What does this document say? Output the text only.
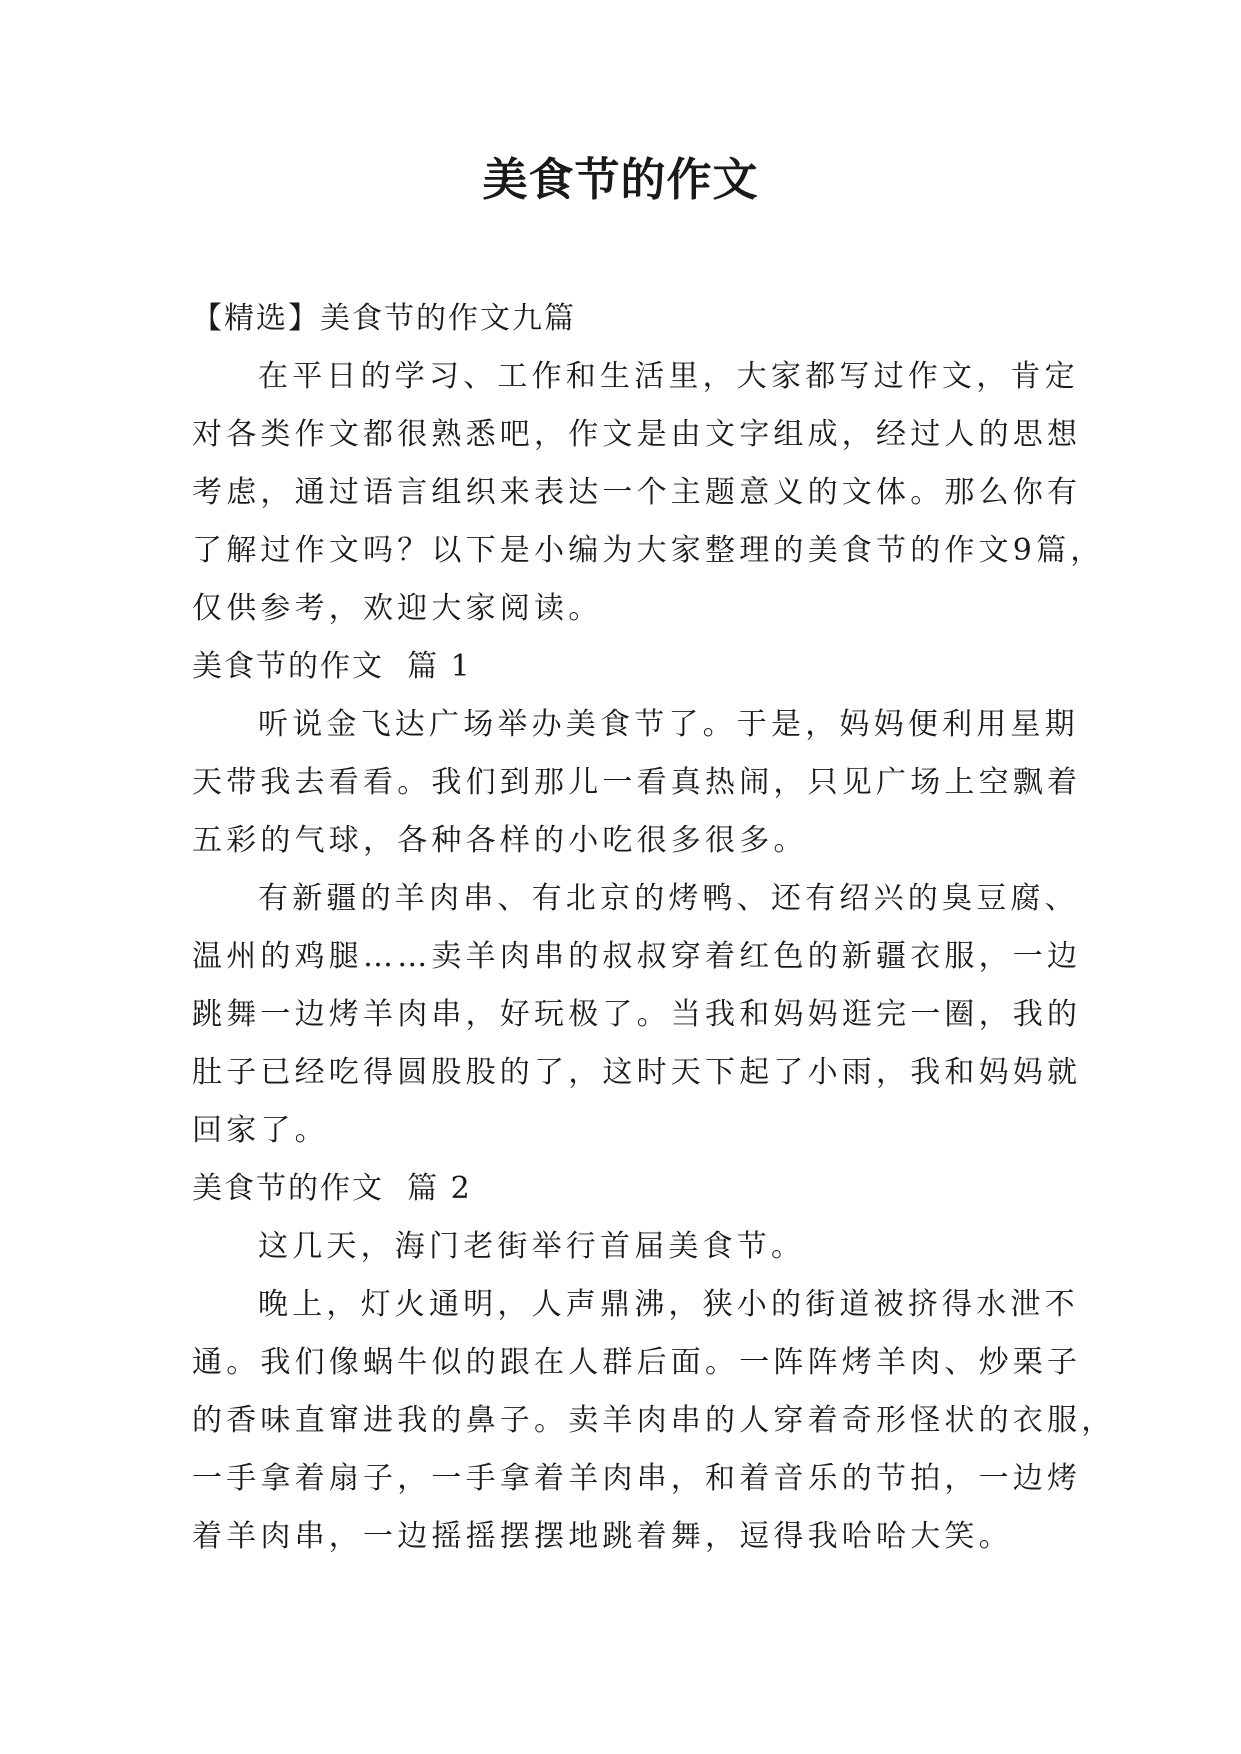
美食节的作文
【精选】美食节的作文九篇
在平日的学习、工作和生活里，大家都写过作文，肯定
对各类作文都很熟悉吧，作文是由文字组成，经过人的思想
考虑，通过语言组织来表达一个主题意义的文体。那么你有
了解过作文吗？以下是小编为大家整理的美食节的作文9篇，
仅供参考，欢迎大家阅读。
美食节的作文  篇 1
听说金飞达广场举办美食节了。于是，妈妈便利用星期
天带我去看看。我们到那儿一看真热闹，只见广场上空飘着
五彩的气球，各种各样的小吃很多很多。
有新疆的羊肉串、有北京的烤鸭、还有绍兴的臭豆腐、
温州的鸡腿……卖羊肉串的叔叔穿着红色的新疆衣服，一边
跳舞一边烤羊肉串，好玩极了。当我和妈妈逛完一圈，我的
肚子已经吃得圆股股的了，这时天下起了小雨，我和妈妈就
回家了。
美食节的作文  篇 2
这几天，海门老街举行首届美食节。
晚上，灯火通明，人声鼎沸，狭小的街道被挤得水泄不
通。我们像蜗牛似的跟在人群后面。一阵阵烤羊肉、炒栗子
的香味直窜进我的鼻子。卖羊肉串的人穿着奇形怪状的衣服，
一手拿着扇子，一手拿着羊肉串，和着音乐的节拍，一边烤
着羊肉串，一边摇摇摆摆地跳着舞，逗得我哈哈大笑。
